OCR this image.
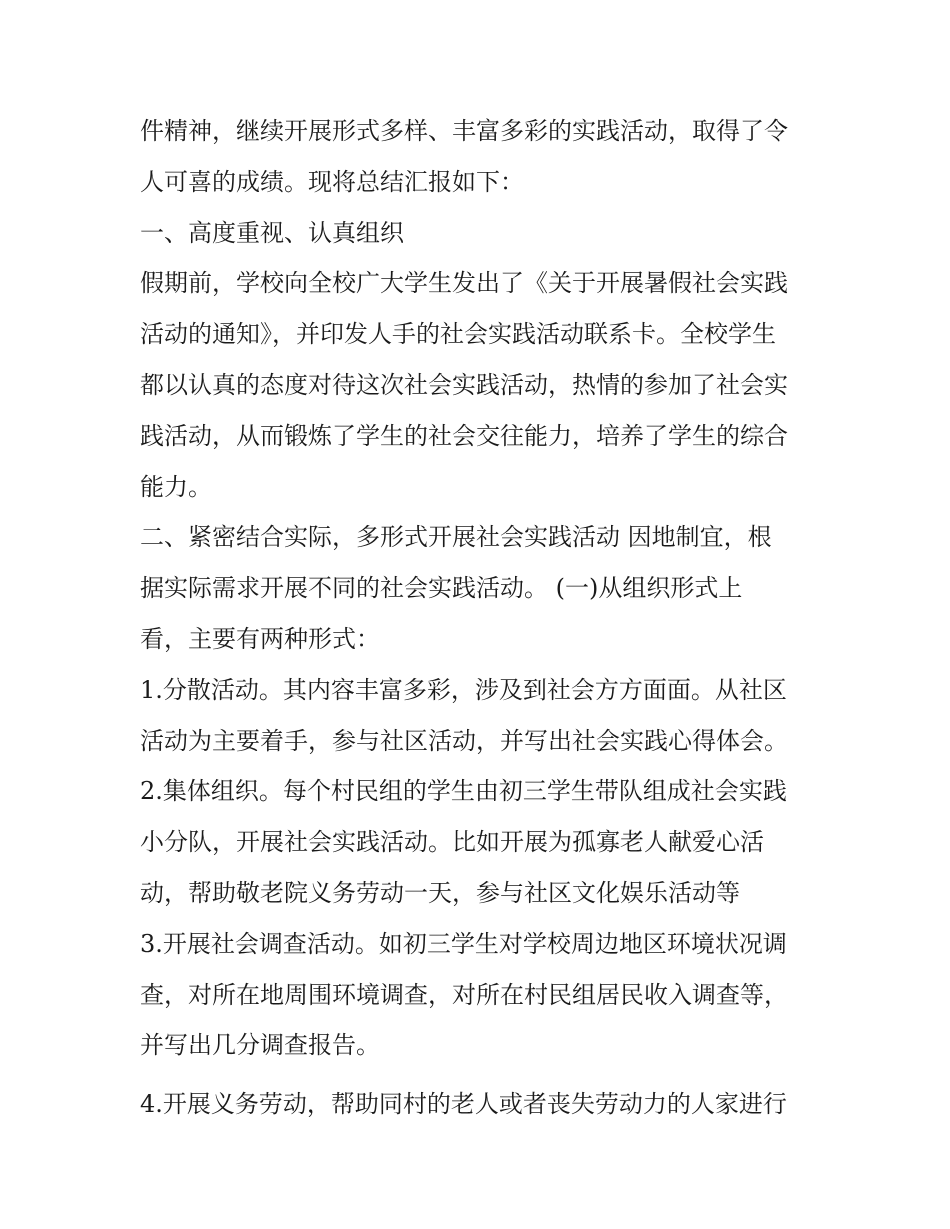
件精神，继续开展形式多样、丰富多彩的实践活动，取得了令
人可喜的成绩。现将总结汇报如下：
一、高度重视、认真组织
假期前，学校向全校广大学生发出了《关于开展暑假社会实践
活动的通知》，并印发人手的社会实践活动联系卡。全校学生
都以认真的态度对待这次社会实践活动，热情的参加了社会实
践活动，从而锻炼了学生的社会交往能力，培养了学生的综合
能力。
二、紧密结合实际，多形式开展社会实践活动 因地制宜，根
据实际需求开展不同的社会实践活动。 (一)从组织形式上
看，主要有两种形式：
1.分散活动。其内容丰富多彩，涉及到社会方方面面。从社区
活动为主要着手，参与社区活动，并写出社会实践心得体会。
2.集体组织。每个村民组的学生由初三学生带队组成社会实践
小分队，开展社会实践活动。比如开展为孤寡老人献爱心活
动，帮助敬老院义务劳动一天，参与社区文化娱乐活动等
3.开展社会调查活动。如初三学生对学校周边地区环境状况调
查，对所在地周围环境调查，对所在村民组居民收入调查等，
并写出几分调查报告。
4.开展义务劳动，帮助同村的老人或者丧失劳动力的人家进行
